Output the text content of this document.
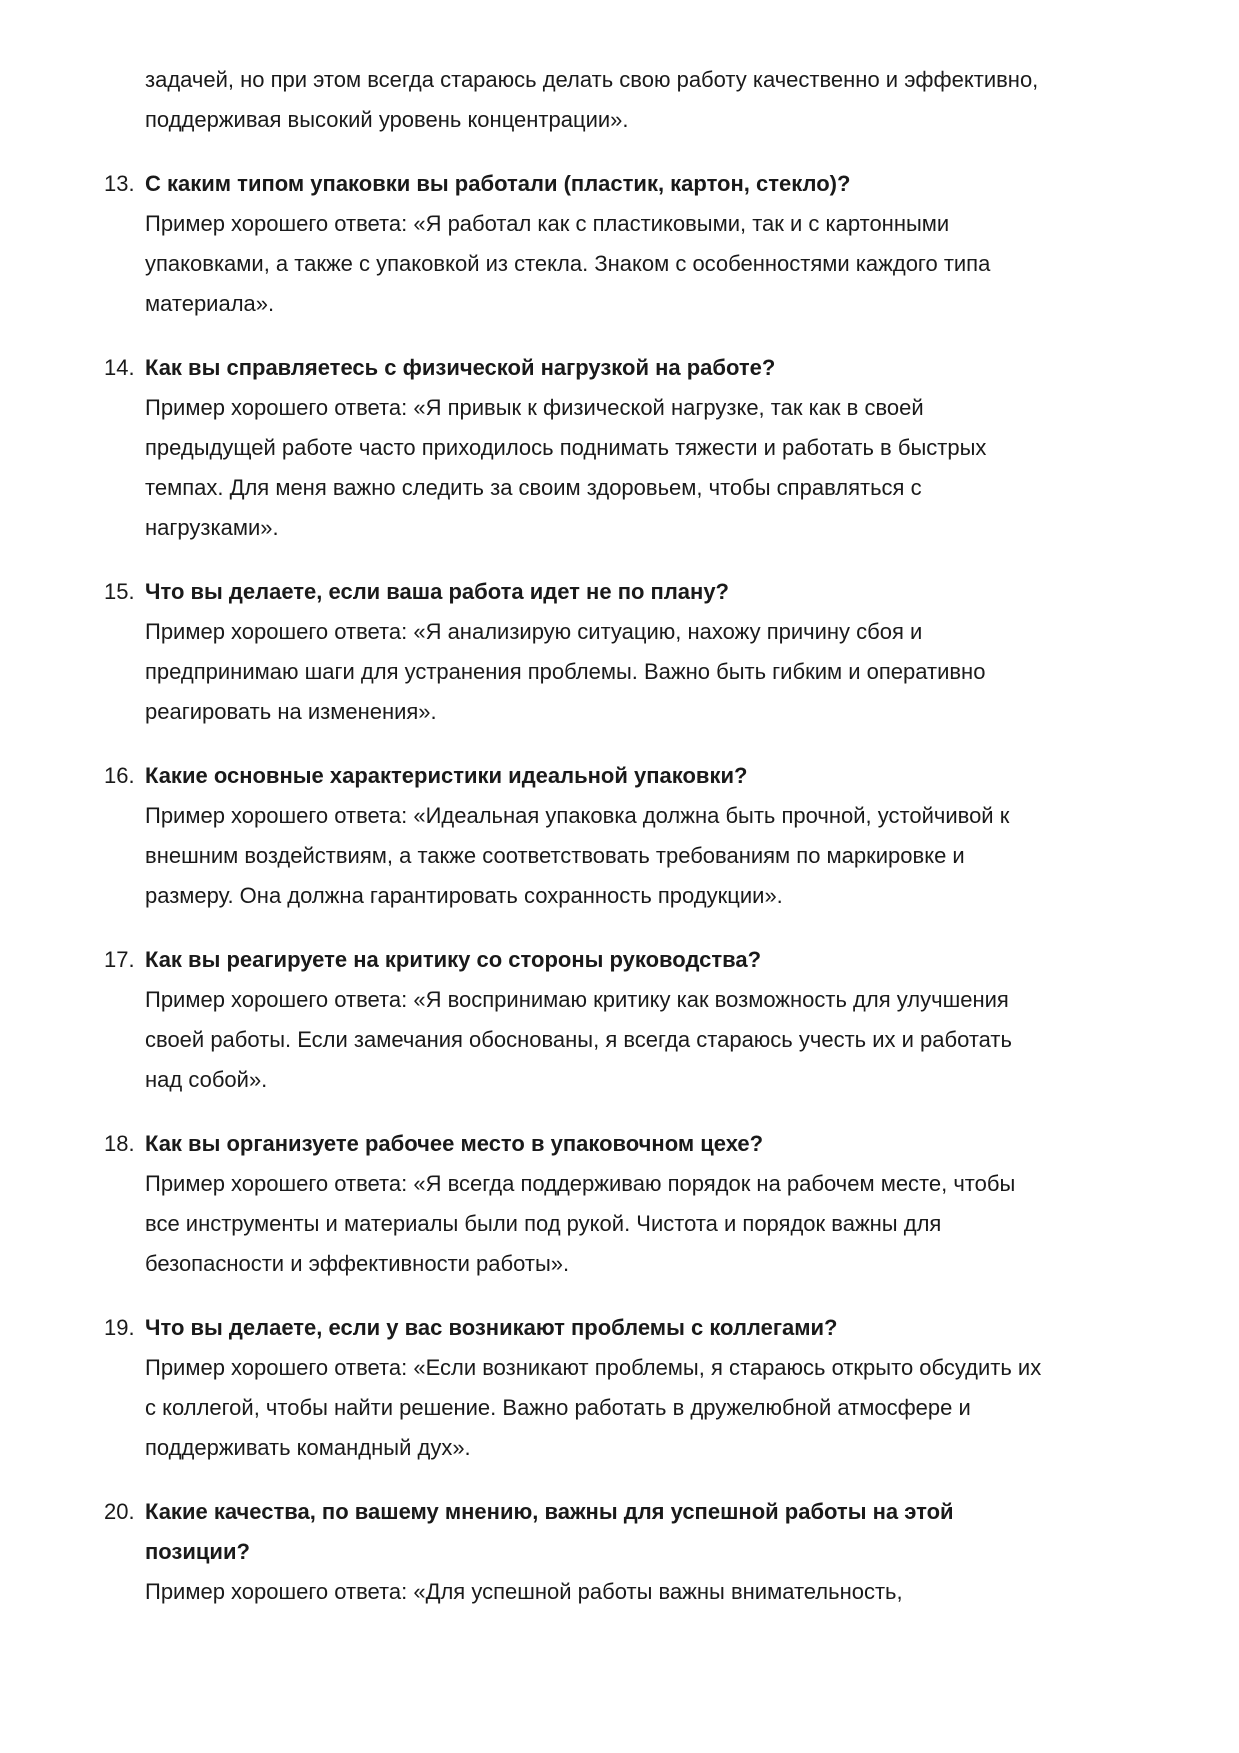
задачей, но при этом всегда стараюсь делать свою работу качественно и эффективно,
поддерживая высокий уровень концентрации».
13. С каким типом упаковки вы работали (пластик, картон, стекло)?
Пример хорошего ответа: «Я работал как с пластиковыми, так и с картонными
упаковками, а также с упаковкой из стекла. Знаком с особенностями каждого типа
материала».
14. Как вы справляетесь с физической нагрузкой на работе?
Пример хорошего ответа: «Я привык к физической нагрузке, так как в своей
предыдущей работе часто приходилось поднимать тяжести и работать в быстрых
темпах. Для меня важно следить за своим здоровьем, чтобы справляться с
нагрузками».
15. Что вы делаете, если ваша работа идет не по плану?
Пример хорошего ответа: «Я анализирую ситуацию, нахожу причину сбоя и
предпринимаю шаги для устранения проблемы. Важно быть гибким и оперативно
реагировать на изменения».
16. Какие основные характеристики идеальной упаковки?
Пример хорошего ответа: «Идеальная упаковка должна быть прочной, устойчивой к
внешним воздействиям, а также соответствовать требованиям по маркировке и
размеру. Она должна гарантировать сохранность продукции».
17. Как вы реагируете на критику со стороны руководства?
Пример хорошего ответа: «Я воспринимаю критику как возможность для улучшения
своей работы. Если замечания обоснованы, я всегда стараюсь учесть их и работать
над собой».
18. Как вы организуете рабочее место в упаковочном цехе?
Пример хорошего ответа: «Я всегда поддерживаю порядок на рабочем месте, чтобы
все инструменты и материалы были под рукой. Чистота и порядок важны для
безопасности и эффективности работы».
19. Что вы делаете, если у вас возникают проблемы с коллегами?
Пример хорошего ответа: «Если возникают проблемы, я стараюсь открыто обсудить их
с коллегой, чтобы найти решение. Важно работать в дружелюбной атмосфере и
поддерживать командный дух».
20. Какие качества, по вашему мнению, важны для успешной работы на этой
позиции?
Пример хорошего ответа: «Для успешной работы важны внимательность,
